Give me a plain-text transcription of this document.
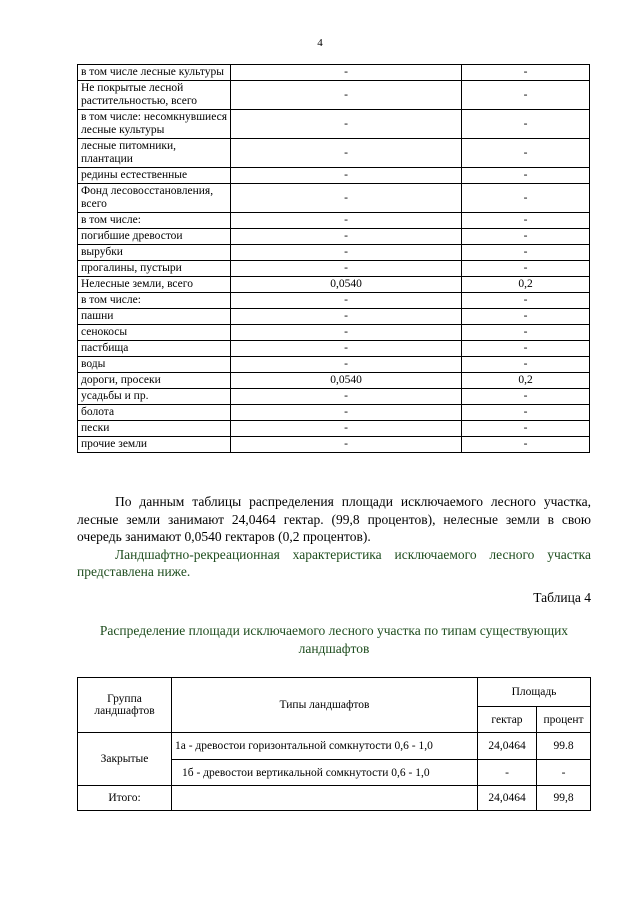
4
в том числе лесные культуры	-	-
Не покрытые лесной растительностью, всего	-	-
в том числе: несомкнувшиеся лесные культуры	-	-
лесные питомники, плантации	-	-
редины естественные	-	-
Фонд лесовосстановления, всего	-	-
в том числе:	-	-
погибшие древостои	-	-
вырубки	-	-
прогалины, пустыри	-	-
Нелесные земли, всего	0,0540	0,2
в том числе:	-	-
пашни	-	-
сенокосы	-	-
пастбища	-	-
воды	-	-
дороги, просеки	0,0540	0,2
усадьбы и пр.	-	-
болота	-	-
пески	-	-
прочие земли	-	-

По данным таблицы распределения площади исключаемого лесного участка, лесные земли занимают 24,0464 гектар. (99,8 процентов), нелесные земли в свою очередь занимают 0,0540 гектаров (0,2 процентов).

Ландшафтно-рекреационная характеристика исключаемого лесного участка представлена ниже.

Таблица 4
Распределение площади исключаемого лесного участка по типам существующих ландшафтов
Группа ландшафтов	Типы ландшафтов	Площадь	
		гектар	процент
Закрытые	1а - древостои горизонтальной сомкнутости 0,6 - 1,0	24,0464	99.8
	1б - древостои вертикальной сомкнутости 0,6 - 1,0	-	-
Итого:		24,0464	99,8
